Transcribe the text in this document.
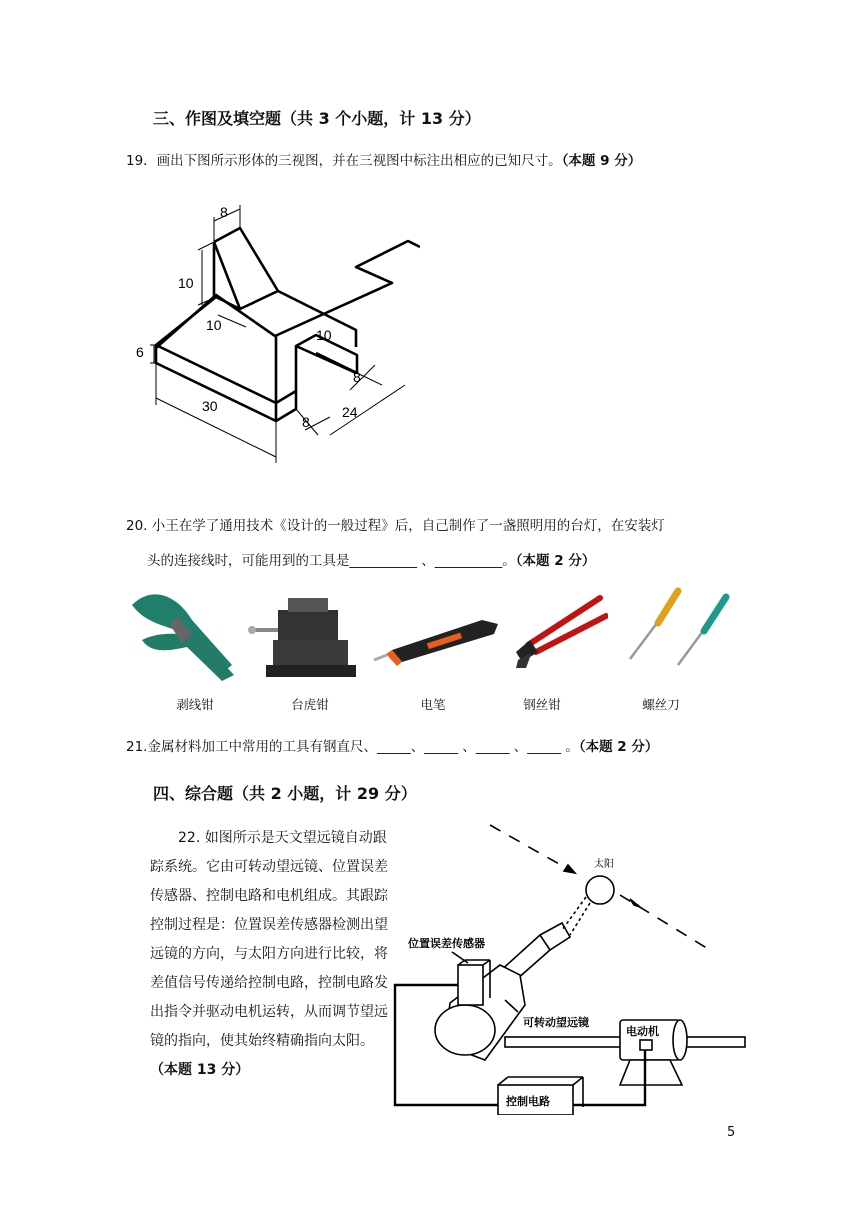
三、作图及填空题（共 3 个小题，计 13 分）
19．画出下图所示形体的三视图，并在三视图中标注出相应的已知尺寸。（本题 9 分）
8
10
10
10
6
8
30
8
24
20. 小王在学了通用技术《设计的一般过程》后，自己制作了一盏照明用的台灯，在安装灯
头的连接线时，可能用到的工具是__________ 、__________。（本题 2 分）
剥线钳	台虎钳	电笔	钢丝钳	螺丝刀
21.金属材料加工中常用的工具有钢直尺、_____、_____ 、_____ 、_____ 。（本题 2 分）
四、综合题（共 2 小题，计 29 分）
22. 如图所示是天文望远镜自动跟踪系统。它由可转动望远镜、位置误差传感器、控制电路和电机组成。其跟踪控制过程是：位置误差传感器检测出望远镜的方向，与太阳方向进行比较，将差值信号传递给控制电路，控制电路发出指令并驱动电机运转，从而调节望远镜的指向，使其始终精确指向太阳。（本题 13 分）
太阳
位置误差传感器
可转动望远镜
电动机
控制电路
5
